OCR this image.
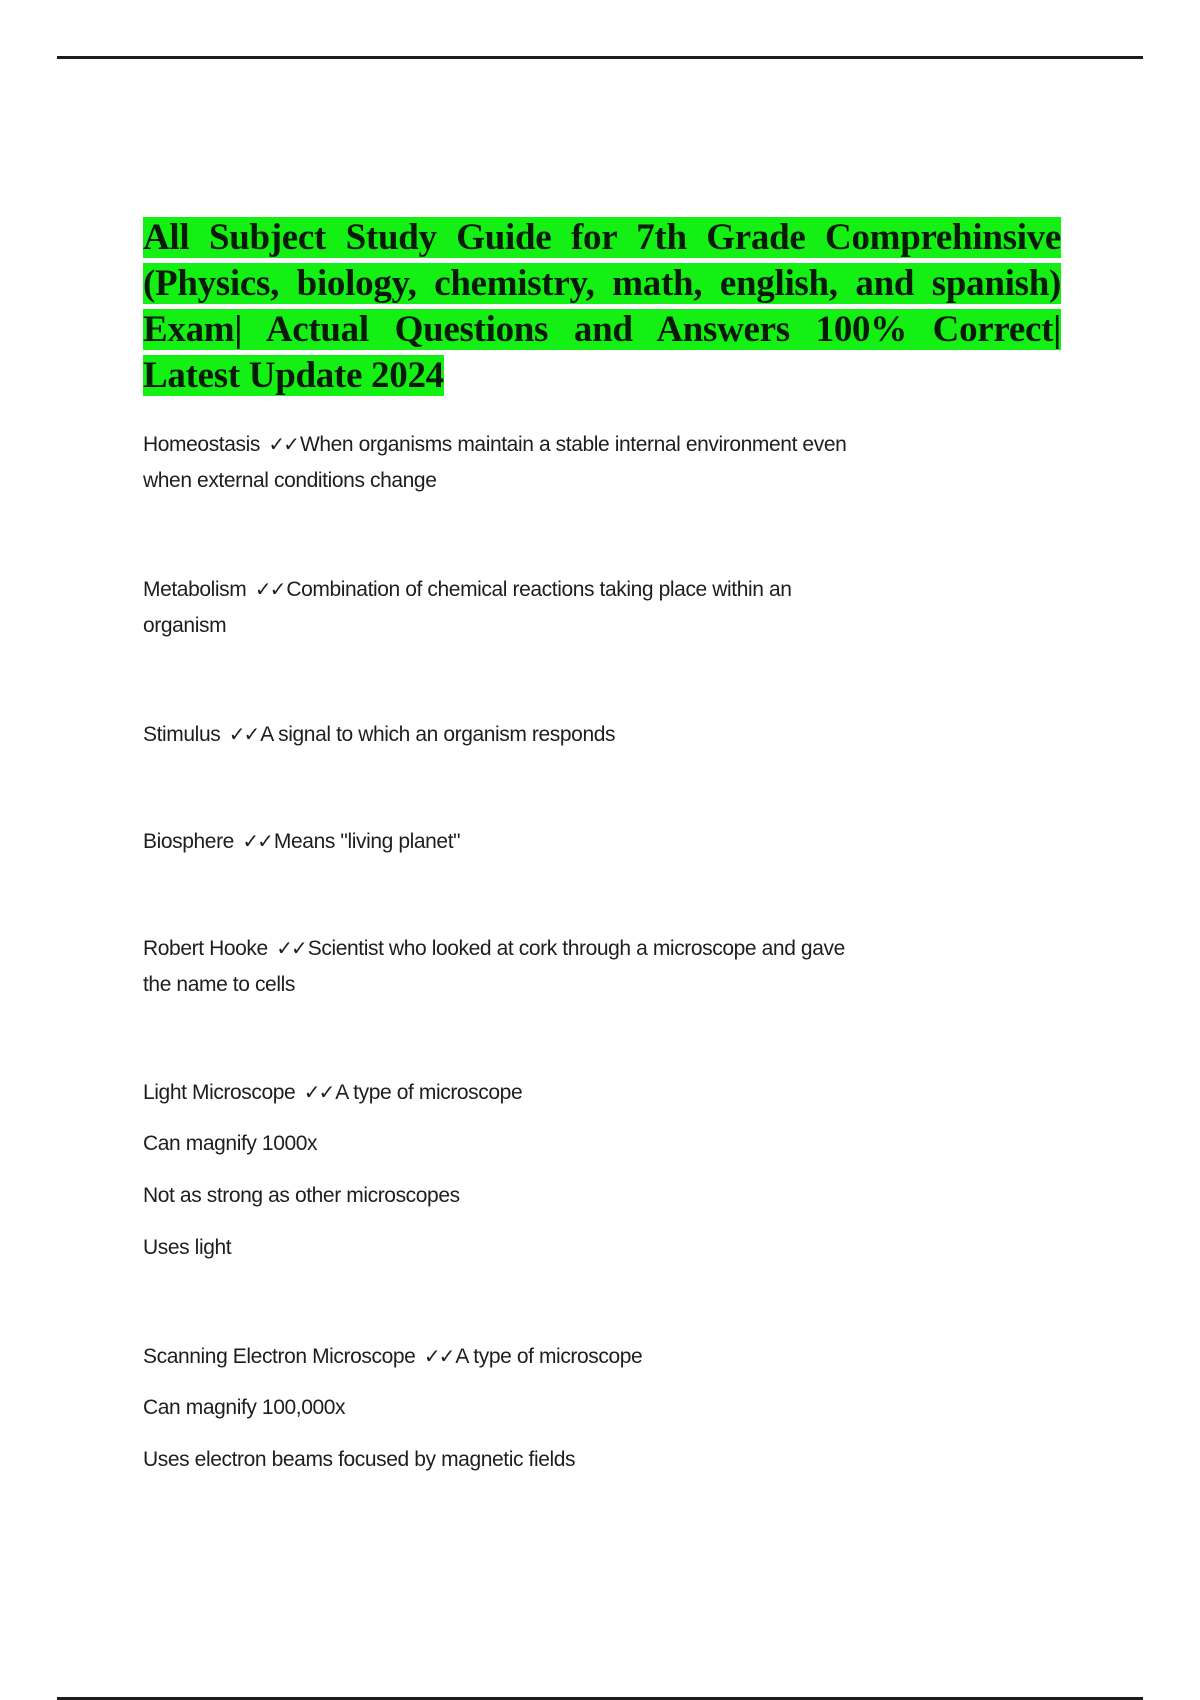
All Subject Study Guide for 7th Grade Comprehinsive (Physics, biology, chemistry, math, english, and spanish) Exam| Actual Questions and Answers 100% Correct| Latest Update 2024
Homeostasis ✓✓When organisms maintain a stable internal environment even
when external conditions change
Metabolism ✓✓Combination of chemical reactions taking place within an
organism
Stimulus ✓✓A signal to which an organism responds
Biosphere ✓✓Means "living planet"
Robert Hooke ✓✓Scientist who looked at cork through a microscope and gave
the name to cells
Light Microscope ✓✓A type of microscope
Can magnify 1000x
Not as strong as other microscopes
Uses light
Scanning Electron Microscope ✓✓A type of microscope
Can magnify 100,000x
Uses electron beams focused by magnetic fields
